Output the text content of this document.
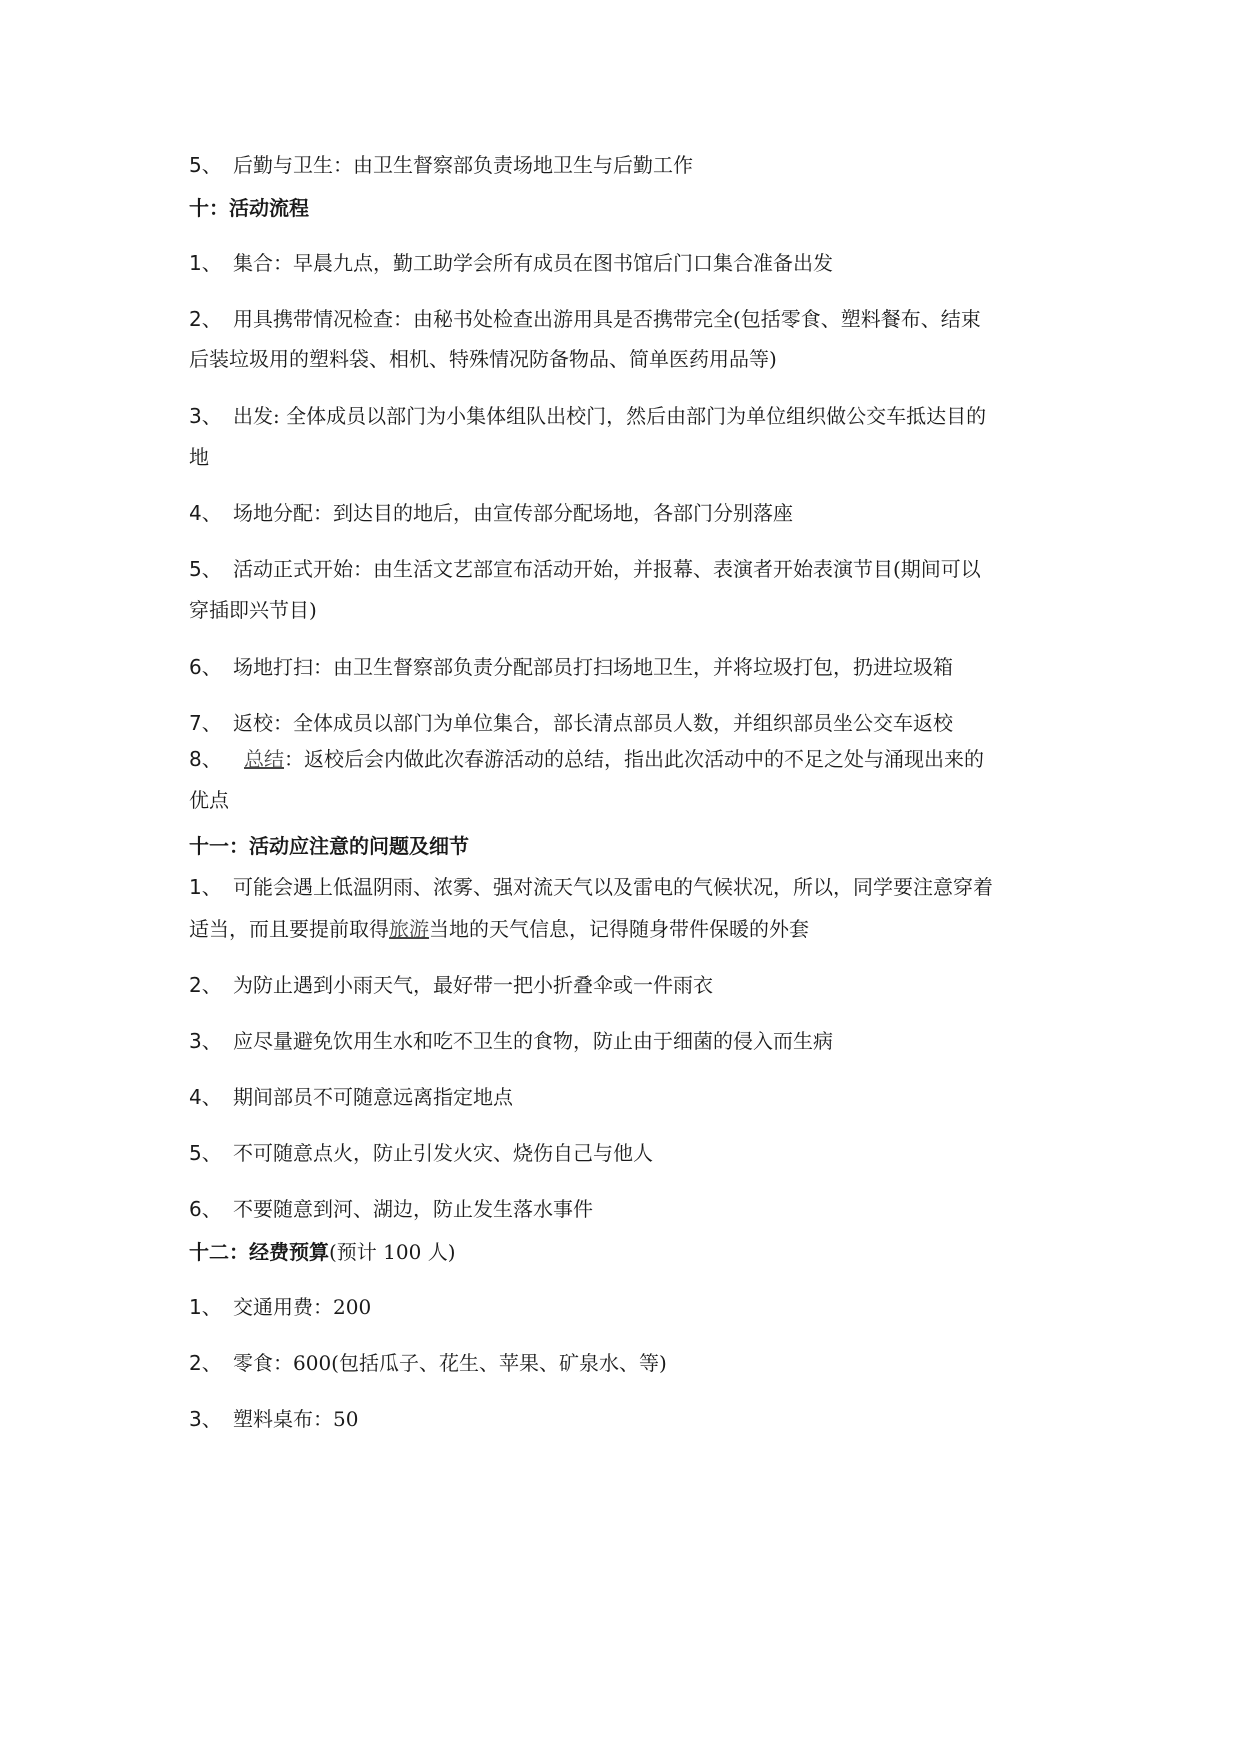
5、 后勤与卫生：由卫生督察部负责场地卫生与后勤工作
十：活动流程
1、 集合：早晨九点，勤工助学会所有成员在图书馆后门口集合准备出发
2、 用具携带情况检查：由秘书处检查出游用具是否携带完全(包括零食、塑料餐布、结束
后装垃圾用的塑料袋、相机、特殊情况防备物品、简单医药用品等)
3、 出发: 全体成员以部门为小集体组队出校门，然后由部门为单位组织做公交车抵达目的
地
4、 场地分配：到达目的地后，由宣传部分配场地，各部门分别落座
5、 活动正式开始：由生活文艺部宣布活动开始，并报幕、表演者开始表演节目(期间可以
穿插即兴节目)
6、 场地打扫：由卫生督察部负责分配部员打扫场地卫生，并将垃圾打包，扔进垃圾箱
7、 返校：全体成员以部门为单位集合，部长清点部员人数，并组织部员坐公交车返校
8、 总结：返校后会内做此次春游活动的总结，指出此次活动中的不足之处与涌现出来的
优点
十一：活动应注意的问题及细节
1、 可能会遇上低温阴雨、浓雾、强对流天气以及雷电的气候状况，所以，同学要注意穿着
适当，而且要提前取得旅游当地的天气信息，记得随身带件保暖的外套
2、 为防止遇到小雨天气，最好带一把小折叠伞或一件雨衣
3、 应尽量避免饮用生水和吃不卫生的食物，防止由于细菌的侵入而生病
4、 期间部员不可随意远离指定地点
5、 不可随意点火，防止引发火灾、烧伤自己与他人
6、 不要随意到河、湖边，防止发生落水事件
十二：经费预算(预计 100 人)
1、 交通用费：200
2、 零食：600(包括瓜子、花生、苹果、矿泉水、等)
3、 塑料桌布：50
